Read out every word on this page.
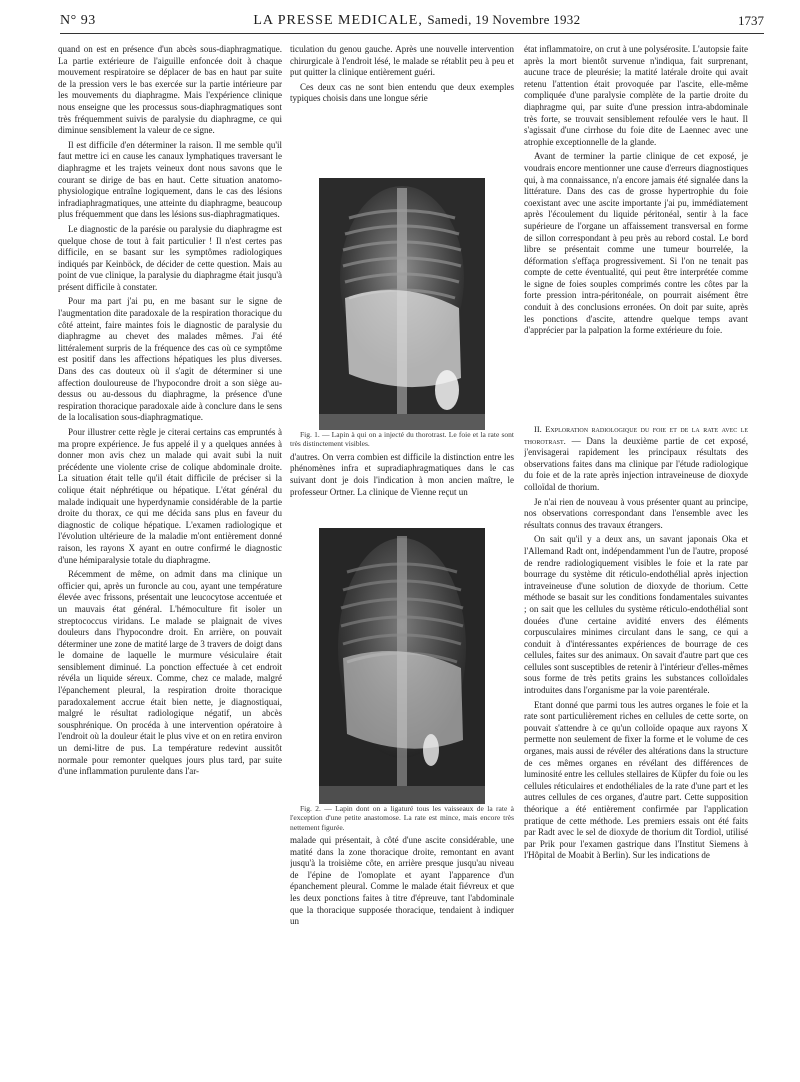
N° 93	LA PRESSE MEDICALE, Samedi, 19 Novembre 1932	1737

quand on est en présence d'un abcès sous-diaphragmatique. La partie extérieure de l'aiguille enfoncée doit à chaque mouvement respiratoire se déplacer de bas en haut par suite de la pression vers le bas exercée sur la partie intérieure par les mouvements du diaphragme. Mais l'expérience clinique nous enseigne que les processus sous-diaphragmatiques sont très fréquemment suivis de paralysie du diaphragme, ce qui diminue sensiblement la valeur de ce signe.

Il est difficile d'en déterminer la raison. Il me semble qu'il faut mettre ici en cause les canaux lymphatiques traversant le diaphragme et les trajets veineux dont nous savons que le courant se dirige de bas en haut. Cette situation anatomo-physiologique entraîne logiquement, dans le cas des lésions infradiaphragmatiques, une atteinte du diaphragme, beaucoup plus fréquemment que dans les lésions sus-diaphragmatiques.

Le diagnostic de la parésie ou paralysie du diaphragme est quelque chose de tout à fait particulier ! Il n'est certes pas difficile, en se basant sur les symptômes radiologiques indiqués par Keinböck, de décider de cette question. Mais au point de vue clinique, la paralysie du diaphragme était jusqu'à présent difficile à constater.

Pour ma part j'ai pu, en me basant sur le signe de l'augmentation dite paradoxale de la respiration thoracique du côté atteint, faire maintes fois le diagnostic de paralysie du diaphragme au chevet des malades mêmes. J'ai été littéralement surpris de la fréquence des cas où ce symptôme est positif dans les affections hépatiques les plus diverses. Dans des cas douteux où il s'agit de déterminer si une affection douloureuse de l'hypocondre droit a son siège au-dessus ou au-dessous du diaphragme, la présence d'une respiration thoracique paradoxale aide à conclure dans le sens de la localisation sous-diaphragmatique.

Pour illustrer cette règle je citerai certains cas empruntés à ma propre expérience. Je fus appelé il y a quelques années à donner mon avis chez un malade qui avait subi la nuit précédente une violente crise de colique abdominale droite. La situation était telle qu'il était difficile de préciser si la colique était néphrétique ou hépatique. L'état général du malade indiquait une hyperdynamie considérable de la partie droite du thorax, ce qui me décida sans plus en faveur du diagnostic de colique hépatique. L'examen radiologique et l'évolution ultérieure de la maladie m'ont entièrement donné raison, les rayons X ayant en outre confirmé le diagnostic d'une hémiparalysie totale du diaphragme.

Récemment de même, on admit dans ma clinique un officier qui, après un furoncle au cou, ayant une température élevée avec frissons, présentait une leucocytose accentuée et un mauvais état général. L'hémoculture fit isoler un streptococcus viridans. Le malade se plaignait de vives douleurs dans l'hypocondre droit. En arrière, on pouvait déterminer une zone de matité large de 3 travers de doigt dans le domaine de laquelle le murmure vésiculaire était sensiblement diminué. La ponction effectuée à cet endroit révéla un liquide séreux. Comme, chez ce malade, malgré l'épanchement pleural, la respiration droite thoracique paradoxalement accrue était bien nette, je diagnostiquai, malgré le résultat radiologique négatif, un abcès sousphrénique. On procéda à une intervention opératoire à l'endroit où la douleur était le plus vive et on en retira environ un demi-litre de pus. La température redevint aussitôt normale pour remonter quelques jours plus tard, par suite d'une inflammation purulente dans l'ar-

ticulation du genou gauche. Après une nouvelle intervention chirurgicale à l'endroit lésé, le malade se rétablit peu à peu et put quitter la clinique entièrement guéri.

Ces deux cas ne sont bien entendu que deux exemples typiques choisis dans une longue série

Fig. 1. — Lapin à qui on a injecté du thorotrast. Le foie et la rate sont très distinctement visibles.

d'autres. On verra combien est difficile la distinction entre les phénomènes infra et supradiaphragmatiques dans le cas suivant dont je dois l'indication à mon ancien maître, le professeur Ortner. La clinique de Vienne reçut un

Fig. 2. — Lapin dont on a ligaturé tous les vaisseaux de la rate à l'exception d'une petite anastomose. La rate est mince, mais encore très nettement figurée.

malade qui présentait, à côté d'une ascite considérable, une matité dans la zone thoracique droite, remontant en avant jusqu'à la troisième côte, en arrière presque jusqu'au niveau de l'épine de l'omoplate et ayant l'apparence d'un épanchement pleural. Comme le malade était fiévreux et que les deux ponctions faites à titre d'épreuve, tant l'abdominale que la thoracique supposée thoracique, tendaient à indiquer un

état inflammatoire, on crut à une polysérosite. L'autopsie faite après la mort bientôt survenue n'indiqua, fait surprenant, aucune trace de pleurésie; la matité latérale droite qui avait retenu l'attention était provoquée par l'ascite, elle-même compliquée d'une paralysie complète de la partie droite du diaphragme qui, par suite d'une pression intra-abdominale très forte, se trouvait sensiblement refoulée vers le haut. Il s'agissait d'une cirrhose du foie dite de Laennec avec une atrophie exceptionnelle de la glande.

Avant de terminer la partie clinique de cet exposé, je voudrais encore mentionner une cause d'erreurs diagnostiques qui, à ma connaissance, n'a encore jamais été signalée dans la littérature. Dans des cas de grosse hypertrophie du foie coexistant avec une ascite importante j'ai pu, immédiatement après l'écoulement du liquide péritonéal, sentir à la face supérieure de l'organe un affaissement transversal en forme de sillon correspondant à peu près au rebord costal. Le bord libre se présentait comme une tumeur bourrelée, la déformation s'effaça progressivement. Si l'on ne tenait pas compte de cette éventualité, qui peut être interprétée comme le signe de foies souples comprimés contre les côtes par la forte pression intra-péritonéale, on pourrait aisément être conduit à des conclusions erronées. On doit par suite, après les ponctions d'ascite, attendre quelque temps avant d'apprécier par la palpation la forme extérieure du foie.

II. Exploration radiologique du foie et de la rate avec le thorotrast. — Dans la deuxième partie de cet exposé, j'envisagerai rapidement les principaux résultats des observations faites dans ma clinique par l'étude radiologique du foie et de la rate après injection intraveineuse de dioxyde colloïdal de thorium.

Je n'ai rien de nouveau à vous présenter quant au principe, nos observations correspondant dans l'ensemble avec les résultats connus des travaux étrangers.

On sait qu'il y a deux ans, un savant japonais Oka et l'Allemand Radt ont, indépendamment l'un de l'autre, proposé de rendre radiologiquement visibles le foie et la rate par bourrage du système dit réticulo-endothélial après injection intraveineuse d'une solution de dioxyde de thorium. Cette méthode se basait sur les conditions fondamentales suivantes ; on sait que les cellules du système réticulo-endothélial sont douées d'une certaine avidité envers des éléments corpusculaires minimes circulant dans le sang, ce qui a conduit à d'intéressantes expériences de bourrage de ces cellules, faites sur des animaux. On savait d'autre part que ces cellules sont susceptibles de retenir à l'intérieur d'elles-mêmes sous forme de très petits grains les substances colloïdales introduites dans l'organisme par la voie parentérale.

Etant donné que parmi tous les autres organes le foie et la rate sont particulièrement riches en cellules de cette sorte, on pouvait s'attendre à ce qu'un colloïde opaque aux rayons X permette non seulement de fixer la forme et le volume de ces organes, mais aussi de révéler des altérations dans la structure de ces mêmes organes en révélant des différences de luminosité entre les cellules stellaires de Küpfer du foie ou les cellules réticulaires et endothéliales de la rate d'une part et les autres cellules de ces organes, d'autre part. Cette supposition théorique a été entièrement confirmée par l'application pratique de cette méthode. Les premiers essais ont été faits par Radt avec le sel de dioxyde de thorium dit Tordiol, utilisé par Prik pour l'examen gastrique dans l'Institut Siemens à l'Hôpital de Moabit à Berlin). Sur les indications de
